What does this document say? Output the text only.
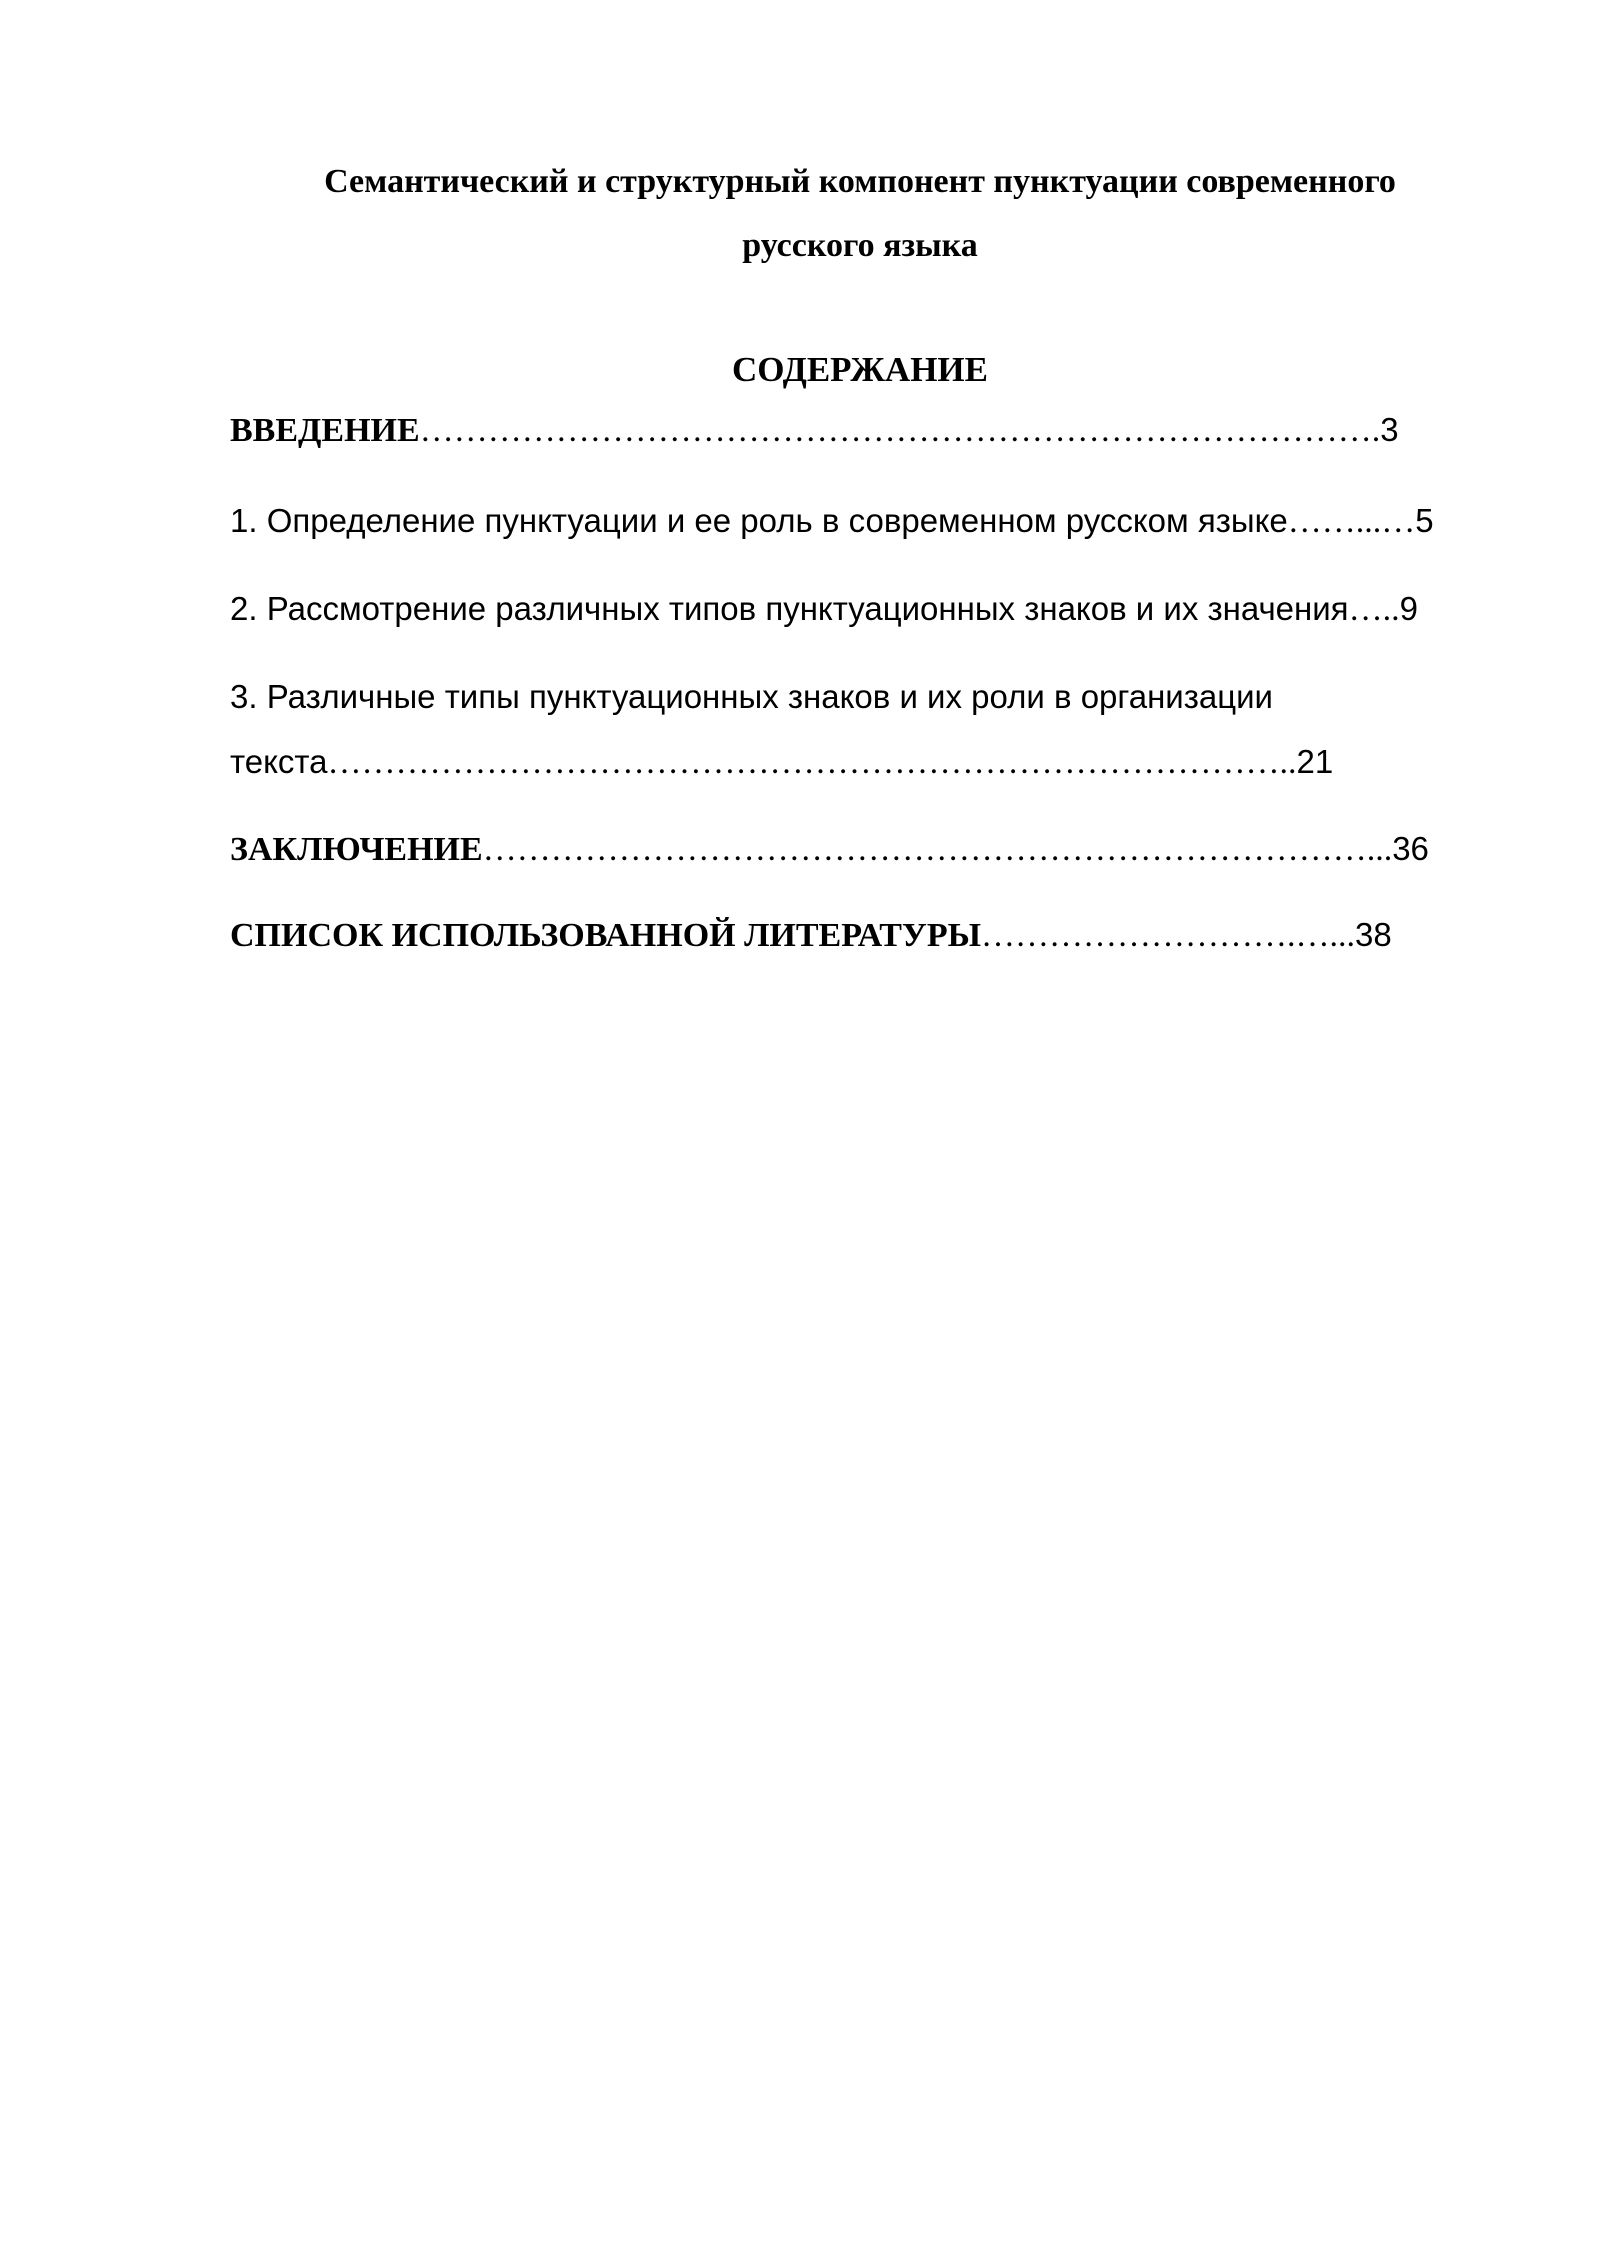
Семантический и структурный компонент пунктуации современного
русского языка
СОДЕРЖАНИЕ

ВВЕДЕНИЕ………………………………………………………………………….3

1. Определение пунктуации и ее роль в современном русском языке……...…5

2. Рассмотрение различных типов пунктуационных знаков и их значения…..9

3. Различные типы пунктуационных знаков и их роли в организации
текста…………………………………………………………………………..21

ЗАКЛЮЧЕНИЕ……………………………………………………………………...36

СПИСОК ИСПОЛЬЗОВАННОЙ ЛИТЕРАТУРЫ……………………….…...38
